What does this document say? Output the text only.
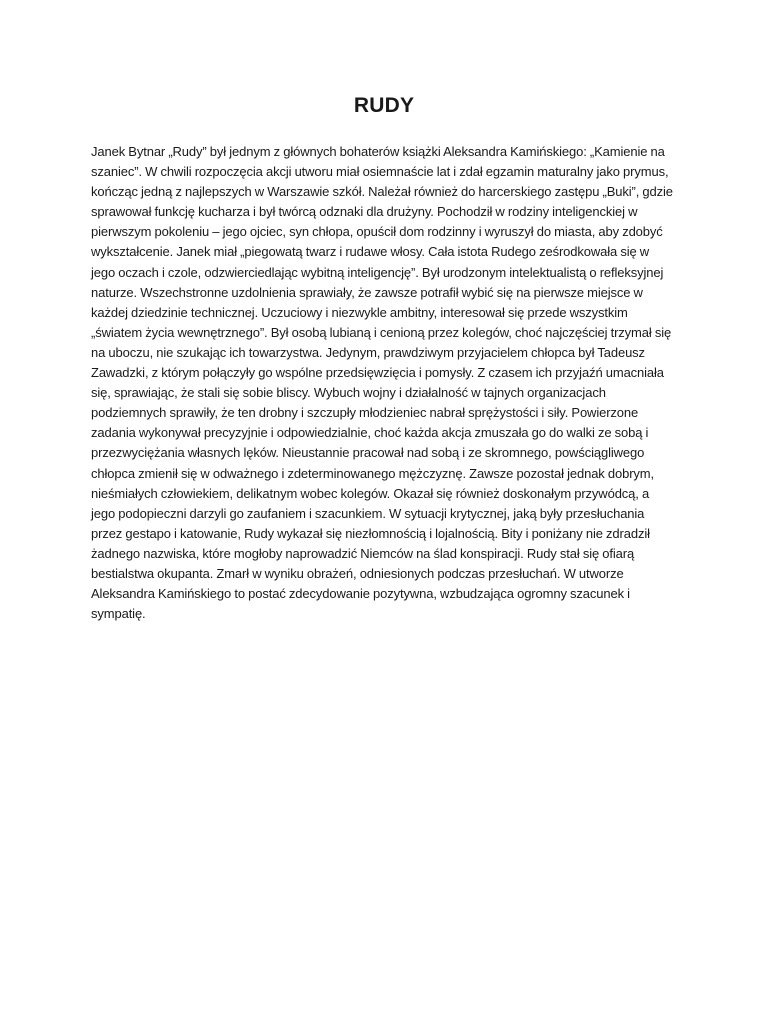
RUDY

Janek Bytnar „Rudy” był jednym z głównych bohaterów książki Aleksandra Kamińskiego: „Kamienie na szaniec”. W chwili rozpoczęcia akcji utworu miał osiemnaście lat i zdał egzamin maturalny jako prymus, kończąc jedną z najlepszych w Warszawie szkół. Należał również do harcerskiego zastępu „Buki”, gdzie sprawował funkcję kucharza i był twórcą odznaki dla drużyny. Pochodził w rodziny inteligenckiej w pierwszym pokoleniu – jego ojciec, syn chłopa, opuścił dom rodzinny i wyruszył do miasta, aby zdobyć wykształcenie. Janek miał „piegowatą twarz i rudawe włosy. Cała istota Rudego ześrodkowała się w jego oczach i czole, odzwierciedlając wybitną inteligencję”. Był urodzonym intelektualistą o refleksyjnej naturze. Wszechstronne uzdolnienia sprawiały, że zawsze potrafił wybić się na pierwsze miejsce w każdej dziedzinie technicznej. Uczuciowy i niezwykle ambitny, interesował się przede wszystkim „światem życia wewnętrznego”. Był osobą lubianą i cenioną przez kolegów, choć najczęściej trzymał się na uboczu, nie szukając ich towarzystwa. Jedynym, prawdziwym przyjacielem chłopca był Tadeusz Zawadzki, z którym połączyły go wspólne przedsięwzięcia i pomysły. Z czasem ich przyjaźń umacniała się, sprawiając, że stali się sobie bliscy. Wybuch wojny i działalność w tajnych organizacjach podziemnych sprawiły, że ten drobny i szczupły młodzieniec nabrał sprężystości i siły. Powierzone zadania wykonywał precyzyjnie i odpowiedzialnie, choć każda akcja zmuszała go do walki ze sobą i przezwyciężania własnych lęków. Nieustannie pracował nad sobą i ze skromnego, powściągliwego chłopca zmienił się w odważnego i zdeterminowanego mężczyznę. Zawsze pozostał jednak dobrym, nieśmiałych człowiekiem, delikatnym wobec kolegów. Okazał się również doskonałym przywódcą, a jego podopieczni darzyli go zaufaniem i szacunkiem. W sytuacji krytycznej, jaką były przesłuchania przez gestapo i katowanie, Rudy wykazał się niezłomnością i lojalnością. Bity i poniżany nie zdradził żadnego nazwiska, które mogłoby naprowadzić Niemców na ślad konspiracji. Rudy stał się ofiarą bestialstwa okupanta. Zmarł w wyniku obrażeń, odniesionych podczas przesłuchań. W utworze Aleksandra Kamińskiego to postać zdecydowanie pozytywna, wzbudzająca ogromny szacunek i sympatię.
